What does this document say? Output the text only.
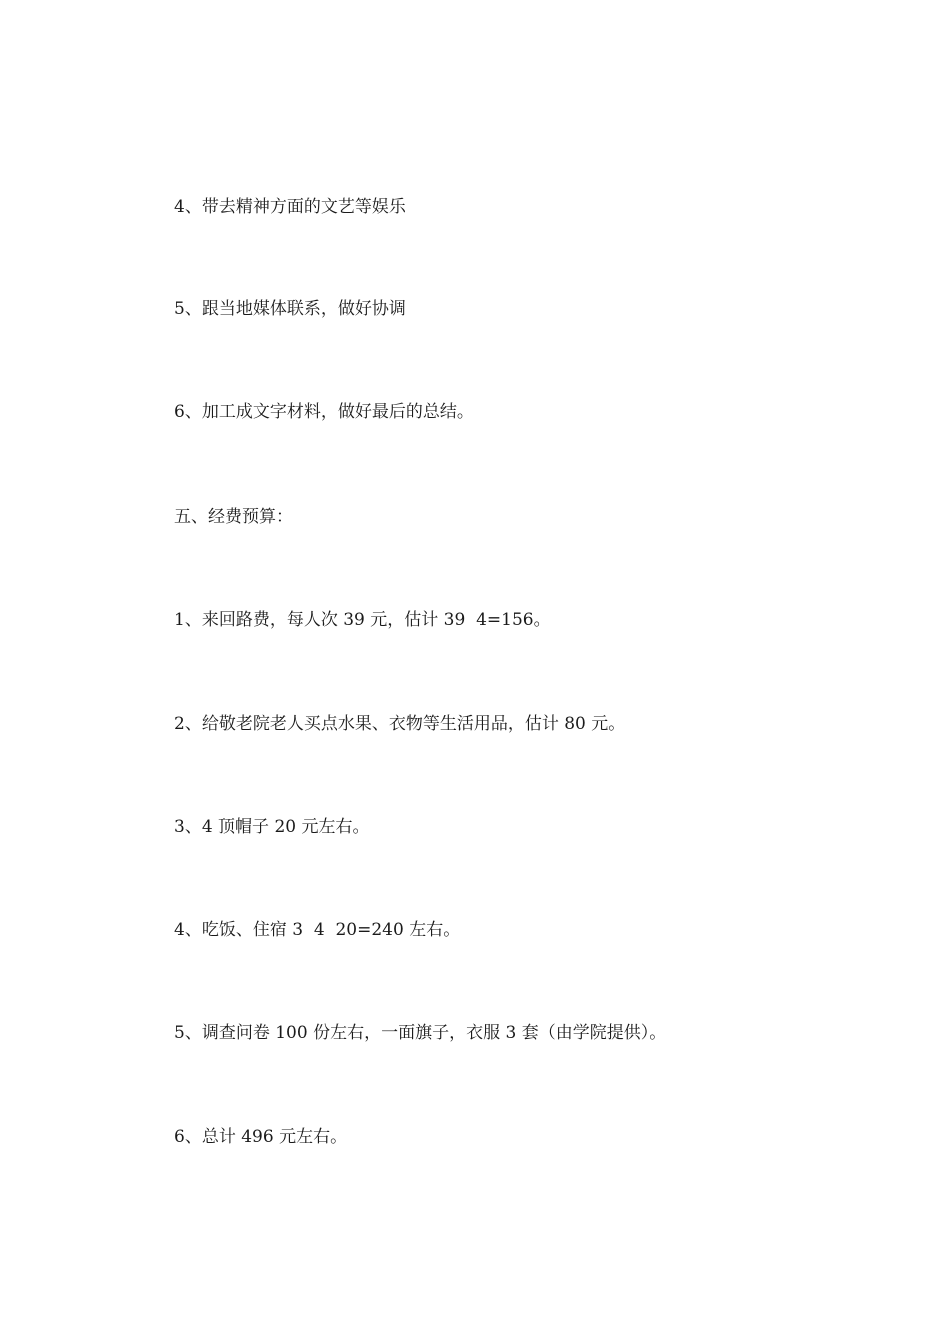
4、带去精神方面的文艺等娱乐
5、跟当地媒体联系，做好协调
6、加工成文字材料，做好最后的总结。
五、经费预算：
1、来回路费，每人次 39 元，估计 39  4=156。
2、给敬老院老人买点水果、衣物等生活用品，估计 80 元。
3、4 顶帽子 20 元左右。
4、吃饭、住宿 3  4  20=240 左右。
5、调查问卷 100 份左右，一面旗子，衣服 3 套（由学院提供）。
6、总计 496 元左右。
